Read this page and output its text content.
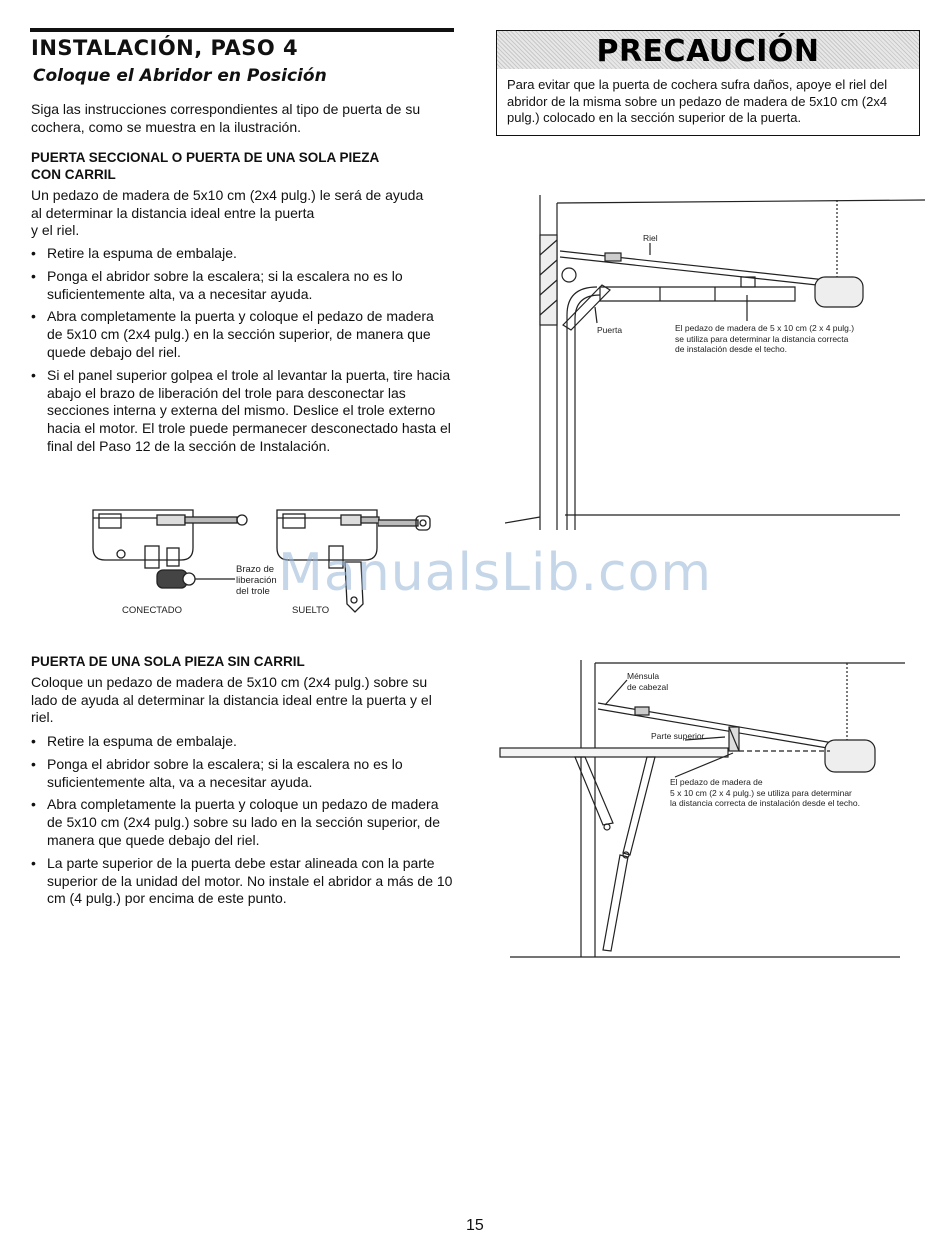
INSTALACIÓN, PASO 4
Coloque el Abridor en Posición
Siga las instrucciones correspondientes al tipo de puerta de su cochera, como se muestra en la ilustración.
PRECAUCIÓN
Para evitar que la puerta de cochera sufra daños, apoye el riel del abridor de la misma sobre un pedazo de madera de 5x10 cm (2x4 pulg.) colocado en la sección superior de la puerta.
PUERTA SECCIONAL O PUERTA DE UNA SOLA PIEZA
CON CARRIL
Un pedazo de madera de 5x10 cm (2x4 pulg.) le será de ayuda
al determinar la distancia ideal entre la puerta
y el riel.
• Retire la espuma de embalaje.
• Ponga el abridor sobre la escalera; si la escalera no es lo suficientemente alta, va a necesitar ayuda.
• Abra completamente la puerta y coloque el pedazo de madera de 5x10 cm (2x4 pulg.) en la sección superior, de manera que quede debajo del riel.
• Si el panel superior golpea el trole al levantar la puerta, tire hacia abajo el brazo de liberación del trole para desconectar las secciones interna y externa del mismo. Deslice el trole externo hacia el motor. El trole puede permanecer desconectado hasta el final del Paso 12 de la sección de Instalación.
Brazo de
liberación
del trole
CONECTADO	SUELTO
Riel
Puerta	El pedazo de madera de 5 x 10 cm (2 x 4 pulg.)
se utiliza para determinar la distancia correcta
de instalación desde el techo.
PUERTA DE UNA SOLA PIEZA SIN CARRIL
Coloque un pedazo de madera de 5x10 cm (2x4 pulg.) sobre su lado de ayuda al determinar la distancia ideal entre la puerta y el riel.
• Retire la espuma de embalaje.
• Ponga el abridor sobre la escalera; si la escalera no es lo suficientemente alta, va a necesitar ayuda.
• Abra completamente la puerta y coloque un pedazo de madera de 5x10 cm (2x4 pulg.) sobre su lado en la sección superior, de manera que quede debajo del riel.
• La parte superior de la puerta debe estar alineada con la parte superior de la unidad del motor. No instale el abridor a más de 10 cm (4 pulg.) por encima de este punto.
Ménsula
de cabezal
Parte superior
El pedazo de madera de
5 x 10 cm (2 x 4 pulg.) se utiliza para determinar
la distancia correcta de instalación desde el techo.
ManualsLib.com
15
